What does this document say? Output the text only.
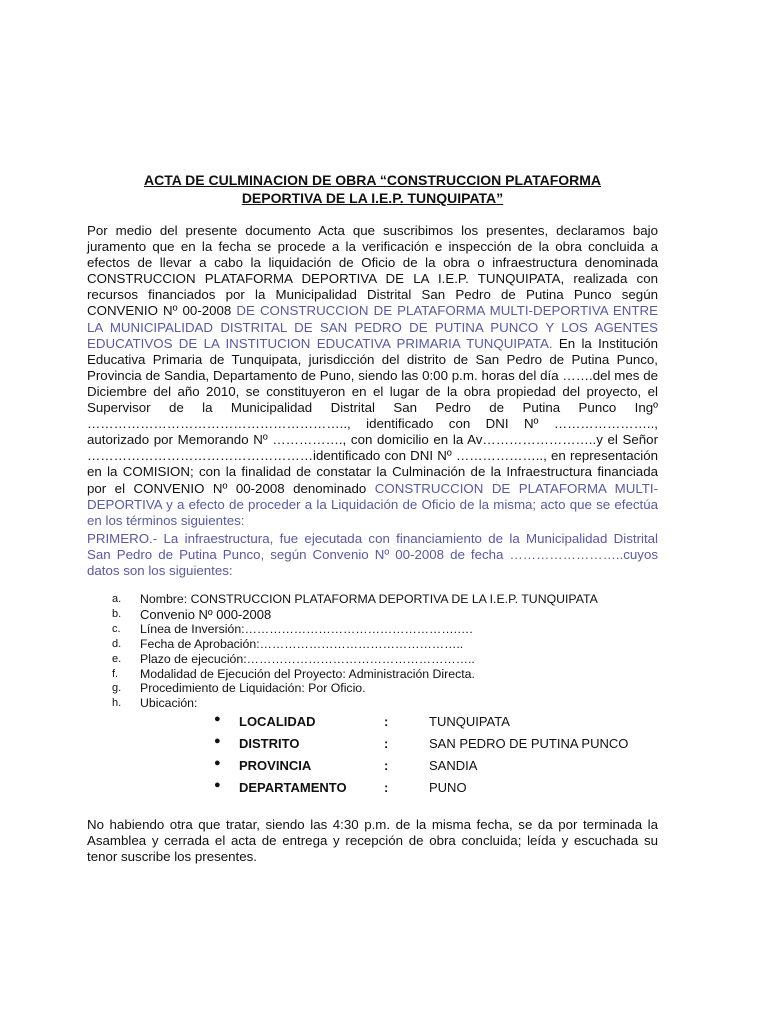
ACTA DE CULMINACION DE OBRA “CONSTRUCCION PLATAFORMA
DEPORTIVA DE LA I.E.P. TUNQUIPATA”

Por medio del presente documento Acta que suscribimos los presentes, declaramos bajo juramento que en la fecha se procede a la verificación e inspección de la obra concluida a efectos de llevar a cabo la liquidación de Oficio de la obra o infraestructura denominada CONSTRUCCION PLATAFORMA DEPORTIVA DE LA I.E.P. TUNQUIPATA, realizada con recursos financiados por la Municipalidad Distrital San Pedro de Putina Punco según CONVENIO Nº 00-2008 DE CONSTRUCCION DE PLATAFORMA MULTI-DEPORTIVA ENTRE LA MUNICIPALIDAD DISTRITAL DE SAN PEDRO DE PUTINA PUNCO Y LOS AGENTES EDUCATIVOS DE LA INSTITUCION EDUCATIVA PRIMARIA TUNQUIPATA. En la Institución Educativa Primaria de Tunquipata, jurisdicción del distrito de San Pedro de Putina Punco, Provincia de Sandia, Departamento de Puno, siendo las 0:00 p.m. horas del día …….del mes de Diciembre del año 2010, se constituyeron en el lugar de la obra propiedad del proyecto, el Supervisor de la Municipalidad Distrital San Pedro de Putina Punco Ingº ………………………………………………….., identificado con DNI Nº ………………….., autorizado por Memorando Nº ……………., con domicilio en la Av……………………..y el Señor ……………………………………………identificado con DNI Nº ……………….., en representación en la COMISION; con la finalidad de constatar la Culminación de la Infraestructura financiada por el CONVENIO Nº 00-2008 denominado CONSTRUCCION DE PLATAFORMA MULTI-DEPORTIVA y a efecto de proceder a la Liquidación de Oficio de la misma; acto que se efectúa en los términos siguientes:

PRIMERO.- La infraestructura, fue ejecutada con financiamiento de la Municipalidad Distrital San Pedro de Putina Punco, según Convenio Nº 00-2008 de fecha ……………………..cuyos datos son los siguientes:

a.	Nombre: CONSTRUCCION PLATAFORMA DEPORTIVA DE LA I.E.P. TUNQUIPATA
b.	Convenio Nº 000-2008
c.	Línea de Inversión:…………………………………………….….
d.	Fecha de Aprobación:…………………………………………..
e.	Plazo de ejecución:………………………………………………..
f.	Modalidad de Ejecución del Proyecto: Administración Directa.
g.	Procedimiento de Liquidación: Por Oficio.
h.	Ubicación:
● LOCALIDAD	:	TUNQUIPATA
● DISTRITO	:	SAN PEDRO DE PUTINA PUNCO
● PROVINCIA	:	SANDIA
● DEPARTAMENTO	:	PUNO

No habiendo otra que tratar, siendo las 4:30 p.m. de la misma fecha, se da por terminada la Asamblea y cerrada el acta de entrega y recepción de obra concluida; leída y escuchada su tenor suscribe los presentes.
